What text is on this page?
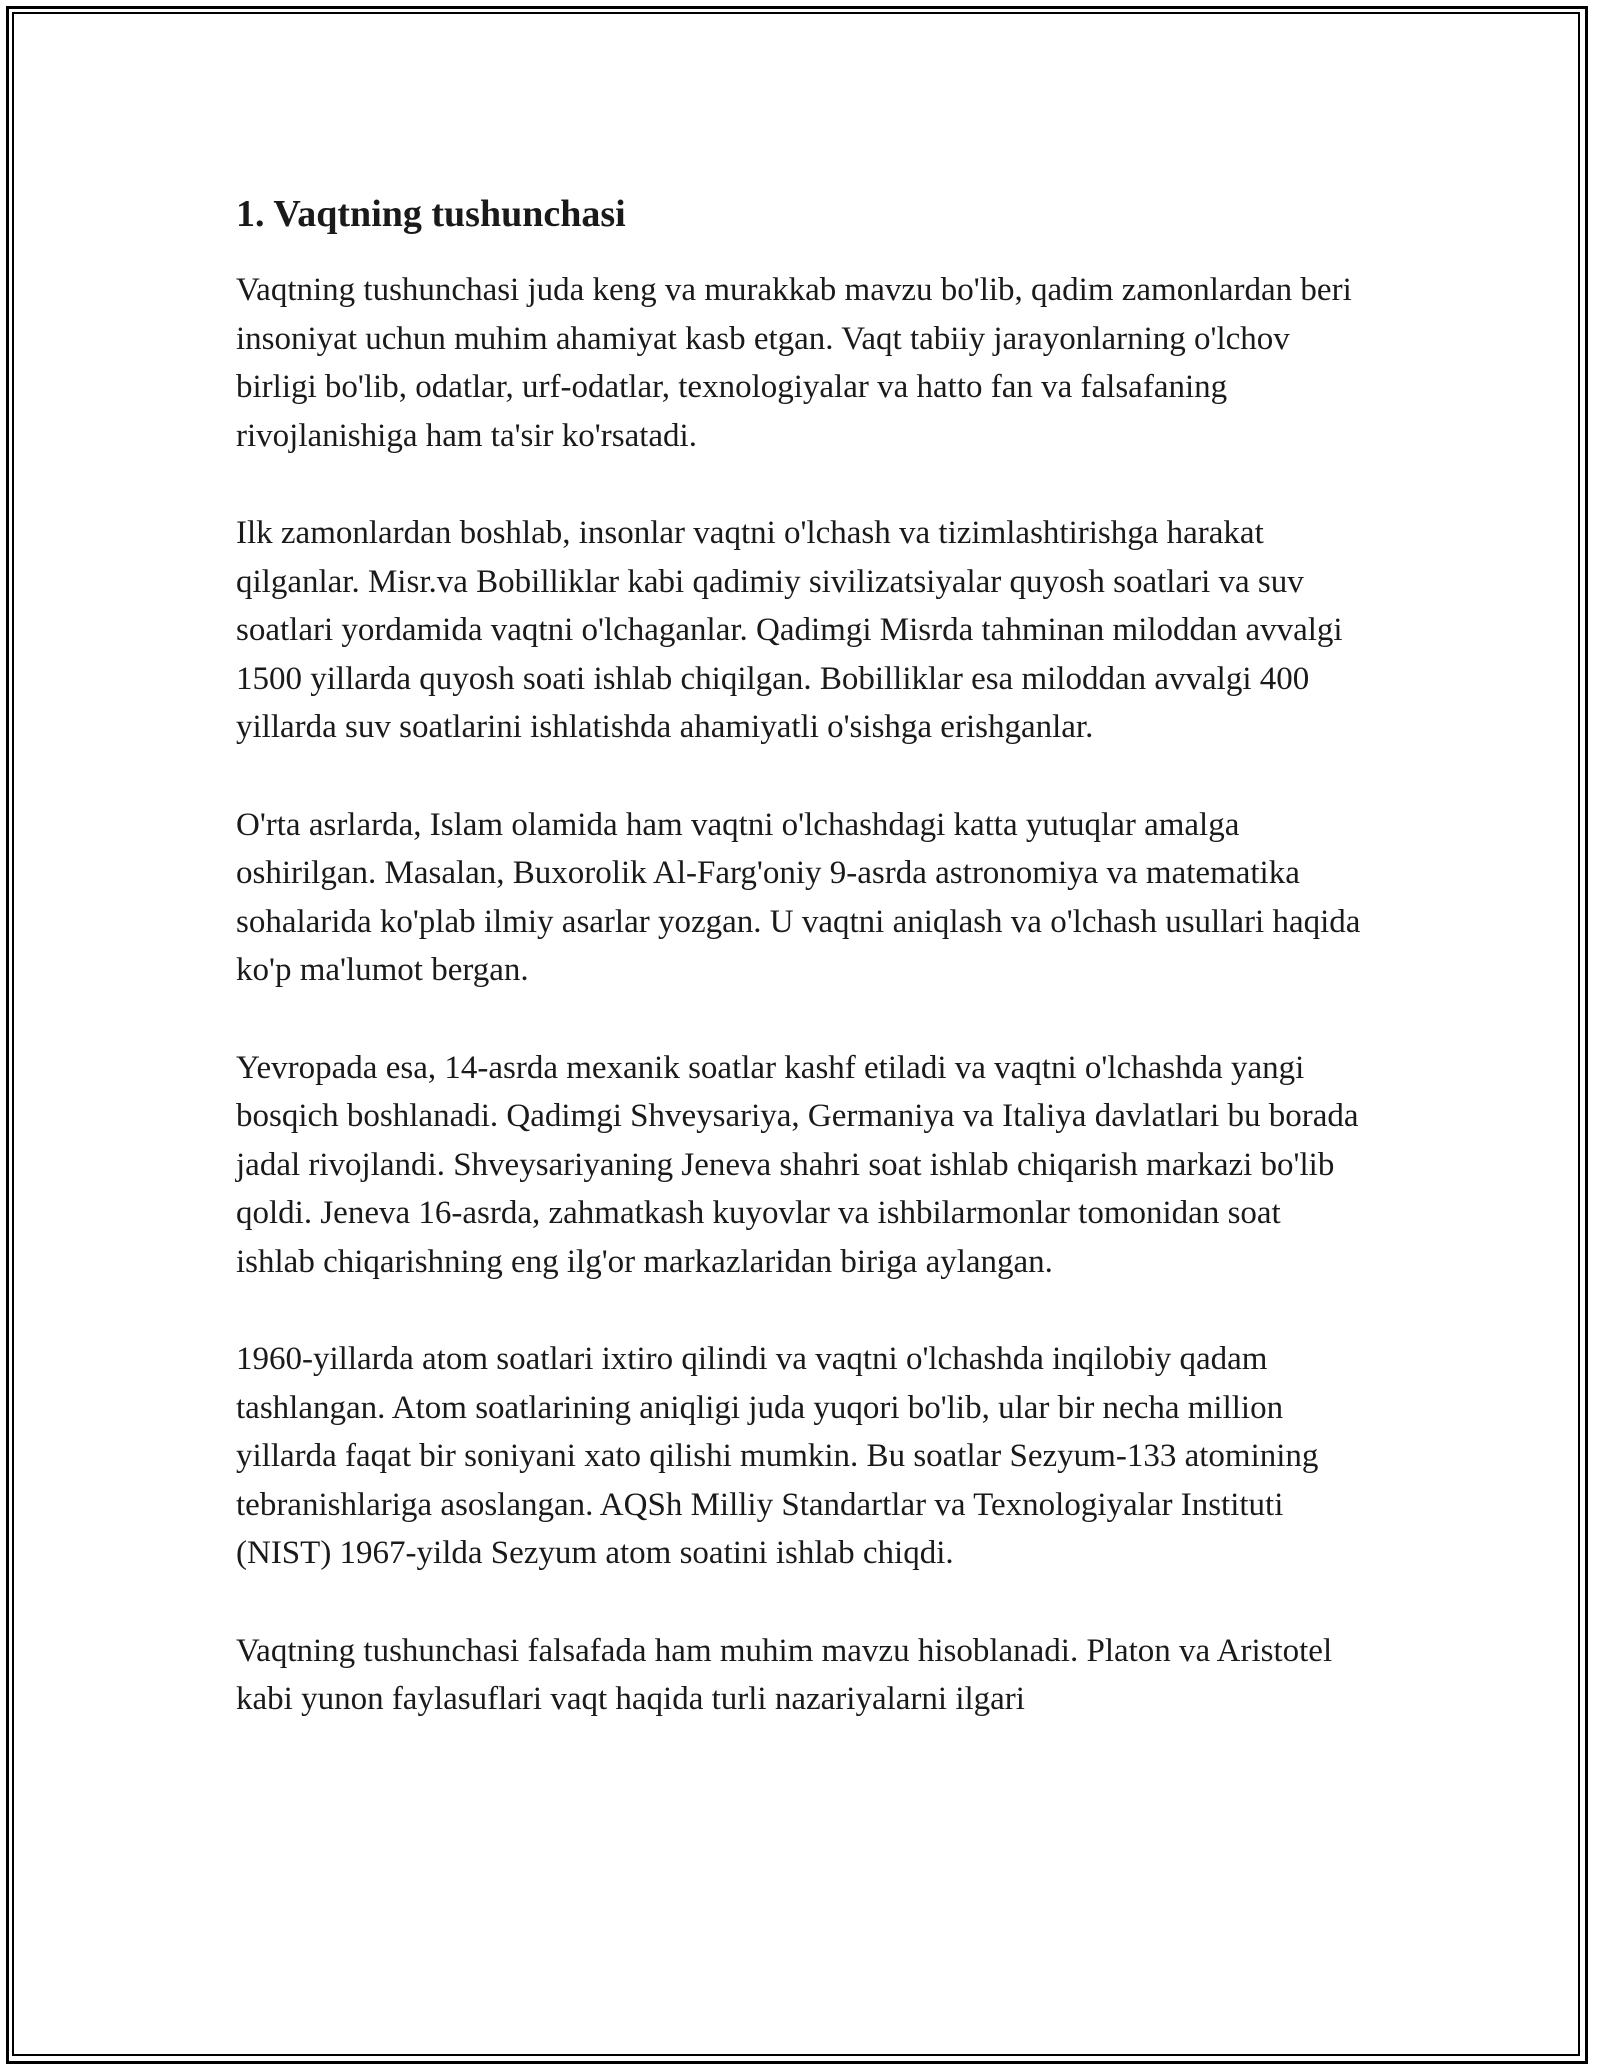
1. Vaqtning tushunchasi

Vaqtning tushunchasi juda keng va murakkab mavzu bo'lib, qadim zamonlardan beri insoniyat uchun muhim ahamiyat kasb etgan. Vaqt tabiiy jarayonlarning o'lchov birligi bo'lib, odatlar, urf-odatlar, texnologiyalar va hatto fan va falsafaning rivojlanishiga ham ta'sir ko'rsatadi.

Ilk zamonlardan boshlab, insonlar vaqtni o'lchash va tizimlashtirishga harakat qilganlar. Misr.va Bobilliklar kabi qadimiy sivilizatsiyalar quyosh soatlari va suv soatlari yordamida vaqtni o'lchaganlar. Qadimgi Misrda tahminan miloddan avvalgi 1500 yillarda quyosh soati ishlab chiqilgan. Bobilliklar esa miloddan avvalgi 400 yillarda suv soatlarini ishlatishda ahamiyatli o'sishga erishganlar.

O'rta asrlarda, Islam olamida ham vaqtni o'lchashdagi katta yutuqlar amalga oshirilgan. Masalan, Buxorolik Al-Farg'oniy 9-asrda astronomiya va matematika sohalarida ko'plab ilmiy asarlar yozgan. U vaqtni aniqlash va o'lchash usullari haqida ko'p ma'lumot bergan.

Yevropada esa, 14-asrda mexanik soatlar kashf etiladi va vaqtni o'lchashda yangi bosqich boshlanadi. Qadimgi Shveysariya, Germaniya va Italiya davlatlari bu borada jadal rivojlandi. Shveysariyaning Jeneva shahri soat ishlab chiqarish markazi bo'lib qoldi. Jeneva 16-asrda, zahmatkash kuyovlar va ishbilarmonlar tomonidan soat ishlab chiqarishning eng ilg'or markazlaridan biriga aylangan.

1960-yillarda atom soatlari ixtiro qilindi va vaqtni o'lchashda inqilobiy qadam tashlangan. Atom soatlarining aniqligi juda yuqori bo'lib, ular bir necha million yillarda faqat bir soniyani xato qilishi mumkin. Bu soatlar Sezyum-133 atomining tebranishlariga asoslangan. AQSh Milliy Standartlar va Texnologiyalar Instituti (NIST) 1967-yilda Sezyum atom soatini ishlab chiqdi.

Vaqtning tushunchasi falsafada ham muhim mavzu hisoblanadi. Platon va Aristotel kabi yunon faylasuflari vaqt haqida turli nazariyalarni ilgari
